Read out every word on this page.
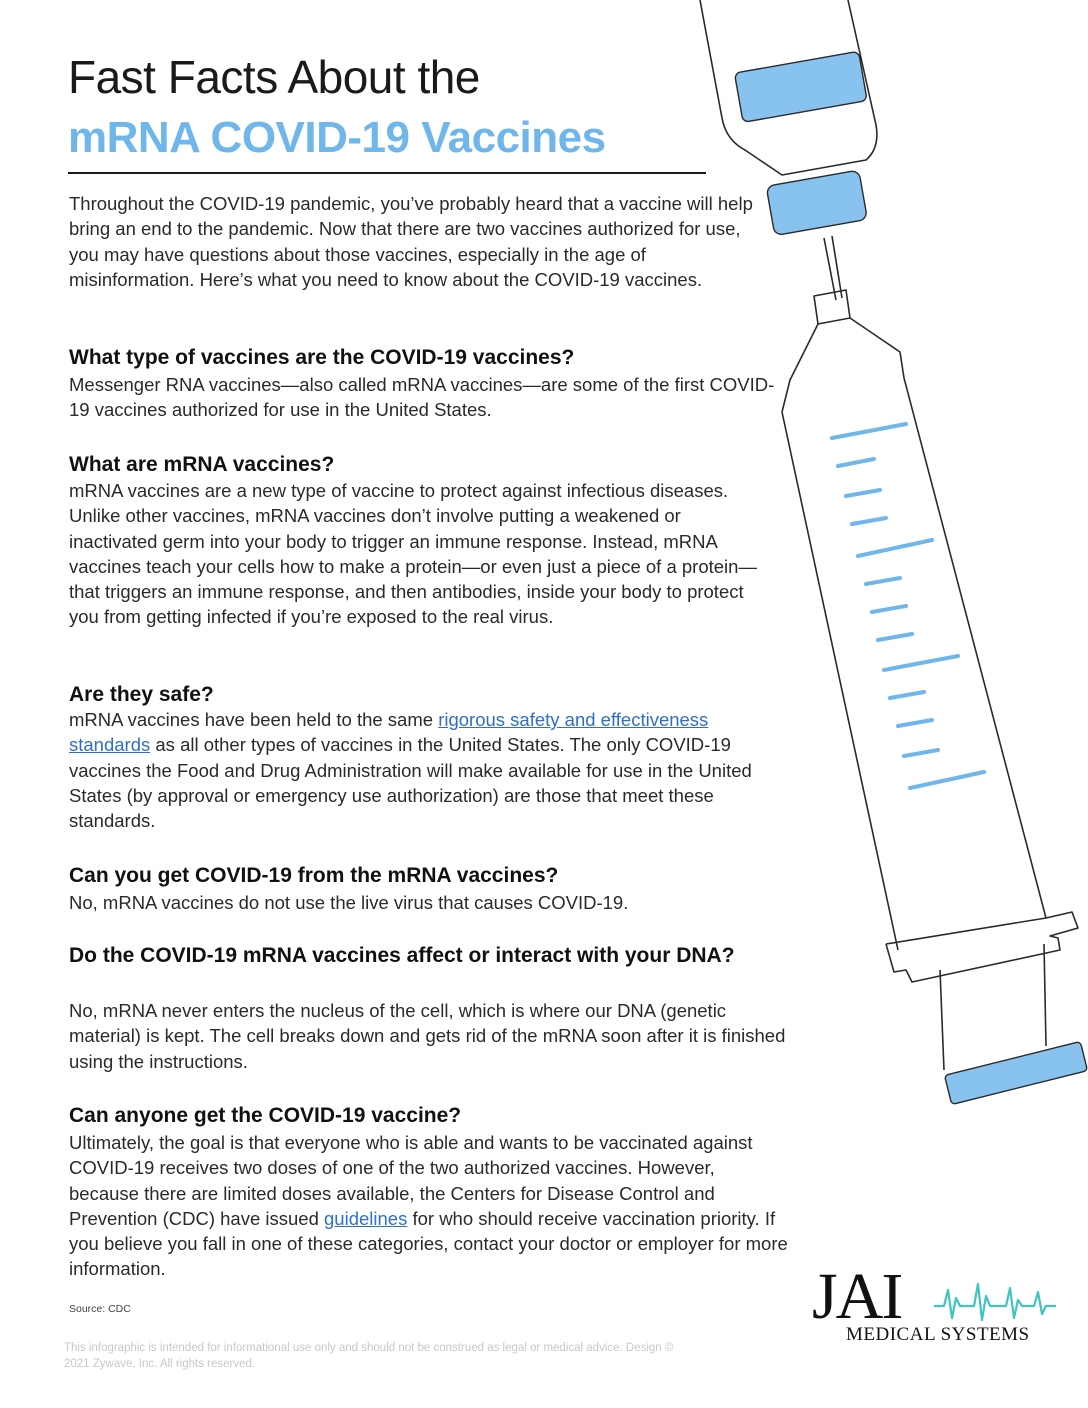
Fast Facts About the
mRNA COVID-19 Vaccines

Throughout the COVID-19 pandemic, you’ve probably heard that a vaccine will help bring an end to the pandemic. Now that there are two vaccines authorized for use, you may have questions about those vaccines, especially in the age of misinformation. Here’s what you need to know about the COVID-19 vaccines.

What type of vaccines are the COVID-19 vaccines?

Messenger RNA vaccines—also called mRNA vaccines—are some of the first COVID-19 vaccines authorized for use in the United States.

What are mRNA vaccines?

mRNA vaccines are a new type of vaccine to protect against infectious diseases. Unlike other vaccines, mRNA vaccines don’t involve putting a weakened or inactivated germ into your body to trigger an immune response. Instead, mRNA vaccines teach your cells how to make a protein—or even just a piece of a protein—that triggers an immune response, and then antibodies, inside your body to protect you from getting infected if you’re exposed to the real virus.

Are they safe?

mRNA vaccines have been held to the same rigorous safety and effectiveness standards as all other types of vaccines in the United States. The only COVID-19 vaccines the Food and Drug Administration will make available for use in the United States (by approval or emergency use authorization) are those that meet these standards.

Can you get COVID-19 from the mRNA vaccines?

No, mRNA vaccines do not use the live virus that causes COVID-19.

Do the COVID-19 mRNA vaccines affect or interact with your DNA?

No, mRNA never enters the nucleus of the cell, which is where our DNA (genetic material) is kept. The cell breaks down and gets rid of the mRNA soon after it is finished using the instructions.

Can anyone get the COVID-19 vaccine?

Ultimately, the goal is that everyone who is able and wants to be vaccinated against COVID-19 receives two doses of one of the two authorized vaccines. However, because there are limited doses available, the Centers for Disease Control and Prevention (CDC) have issued guidelines for who should receive vaccination priority. If you believe you fall in one of these categories, contact your doctor or employer for more information.

Source: CDC

This infographic is intended for informational use only and should not be construed as legal or medical advice. Design © 2021 Zywave, Inc. All rights reserved.

JAI

MEDICAL SYSTEMS
